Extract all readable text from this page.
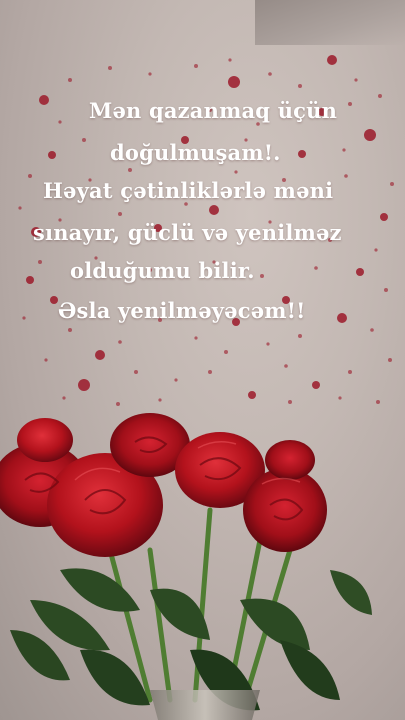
Mən qazanmaq üçün
doğulmuşam!.
Həyat çətinliklərlə məni
sınayır, güclü və yenilməz
olduğumu bilir.
Əsla yenilməyəcəm!!
